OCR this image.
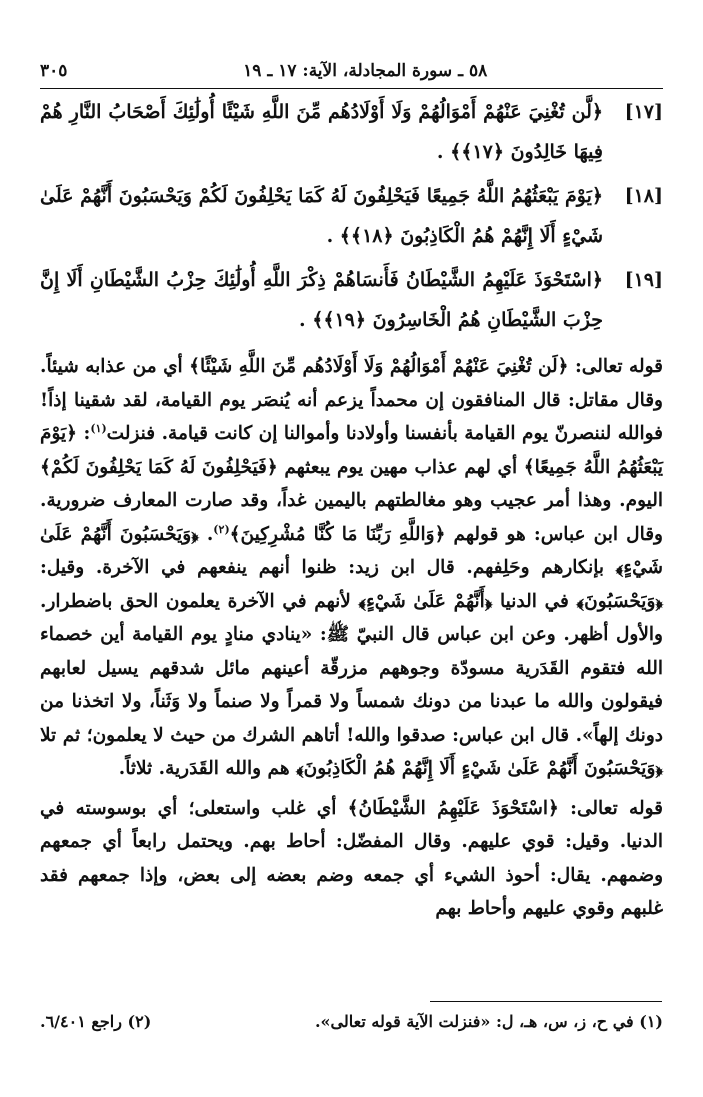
٥٨ ـ سورة المجادلة، الآية: ١٧ ـ ١٩
٣٠٥
[١٧]
﴿لَّن تُغْنِيَ عَنْهُمْ أَمْوَالُهُمْ وَلَا أَوْلَادُهُم مِّنَ اللَّهِ شَيْئًا أُولَٰئِكَ أَصْحَابُ النَّارِ هُمْ فِيهَا خَالِدُونَ ﴿١٧﴾﴾ .
[١٨]
﴿يَوْمَ يَبْعَثُهُمُ اللَّهُ جَمِيعًا فَيَحْلِفُونَ لَهُ كَمَا يَحْلِفُونَ لَكُمْ وَيَحْسَبُونَ أَنَّهُمْ عَلَىٰ شَيْءٍ أَلَا إِنَّهُمْ هُمُ الْكَاذِبُونَ ﴿١٨﴾﴾ .
[١٩]
﴿اسْتَحْوَذَ عَلَيْهِمُ الشَّيْطَانُ فَأَنسَاهُمْ ذِكْرَ اللَّهِ أُولَٰئِكَ حِزْبُ الشَّيْطَانِ أَلَا إِنَّ حِزْبَ الشَّيْطَانِ هُمُ الْخَاسِرُونَ ﴿١٩﴾﴾ .

قوله تعالى: ﴿لَن تُغْنِيَ عَنْهُمْ أَمْوَالُهُمْ وَلَا أَوْلَادُهُم مِّنَ اللَّهِ شَيْئًا﴾ أي من عذابه شيئاً. وقال مقاتل: قال المنافقون إن محمداً يزعم أنه يُنصَر يوم القيامة، لقد شقينا إذاً! فوالله لننصرنّ يوم القيامة بأنفسنا وأولادنا وأموالنا إن كانت قيامة. فنزلت$^{(١)}$: ﴿يَوْمَ يَبْعَثُهُمُ اللَّهُ جَمِيعًا﴾ أي لهم عذاب مهين يوم يبعثهم ﴿فَيَحْلِفُونَ لَهُ كَمَا يَحْلِفُونَ لَكُمْ﴾ اليوم. وهذا أمر عجيب وهو مغالطتهم باليمين غداً، وقد صارت المعارف ضرورية. وقال ابن عباس: هو قولهم ﴿وَاللَّهِ رَبِّنَا مَا كُنَّا مُشْرِكِينَ﴾$^{(٢)}$. ﴿وَيَحْسَبُونَ أَنَّهُمْ عَلَىٰ شَيْءٍ﴾ بإنكارهم وحَلِفهم. قال ابن زيد: ظنوا أنهم ينفعهم في الآخرة. وقيل: ﴿وَيَحْسَبُونَ﴾ في الدنيا ﴿أَنَّهُمْ عَلَىٰ شَيْءٍ﴾ لأنهم في الآخرة يعلمون الحق باضطرار. والأول أظهر. وعن ابن عباس قال النبيّ ﷺ: «ينادي منادٍ يوم القيامة أين خصماء الله فتقوم القَدَرية مسودّة وجوههم مزرقّة أعينهم مائل شدقهم يسيل لعابهم فيقولون والله ما عبدنا من دونك شمساً ولا قمراً ولا صنماً ولا وَثَناً، ولا اتخذنا من دونك إلهاً». قال ابن عباس: صدقوا والله! أتاهم الشرك من حيث لا يعلمون؛ ثم تلا ﴿وَيَحْسَبُونَ أَنَّهُمْ عَلَىٰ شَيْءٍ أَلَا إِنَّهُمْ هُمُ الْكَاذِبُونَ﴾ هم والله القَدَرية. ثلاثاً.

قوله تعالى: ﴿اسْتَحْوَذَ عَلَيْهِمُ الشَّيْطَانُ﴾ أي غلب واستعلى؛ أي بوسوسته في الدنيا. وقيل: قوي عليهم. وقال المفضّل: أحاط بهم. ويحتمل رابعاً أي جمعهم وضمهم. يقال: أحوذ الشيء أي جمعه وضم بعضه إلى بعض، وإذا جمعهم فقد غلبهم وقوي عليهم وأحاط بهم

(١) في ح، ز، س، هـ، ل: «فنزلت الآية قوله تعالى».
(٢) راجع ٦/٤٠١.
